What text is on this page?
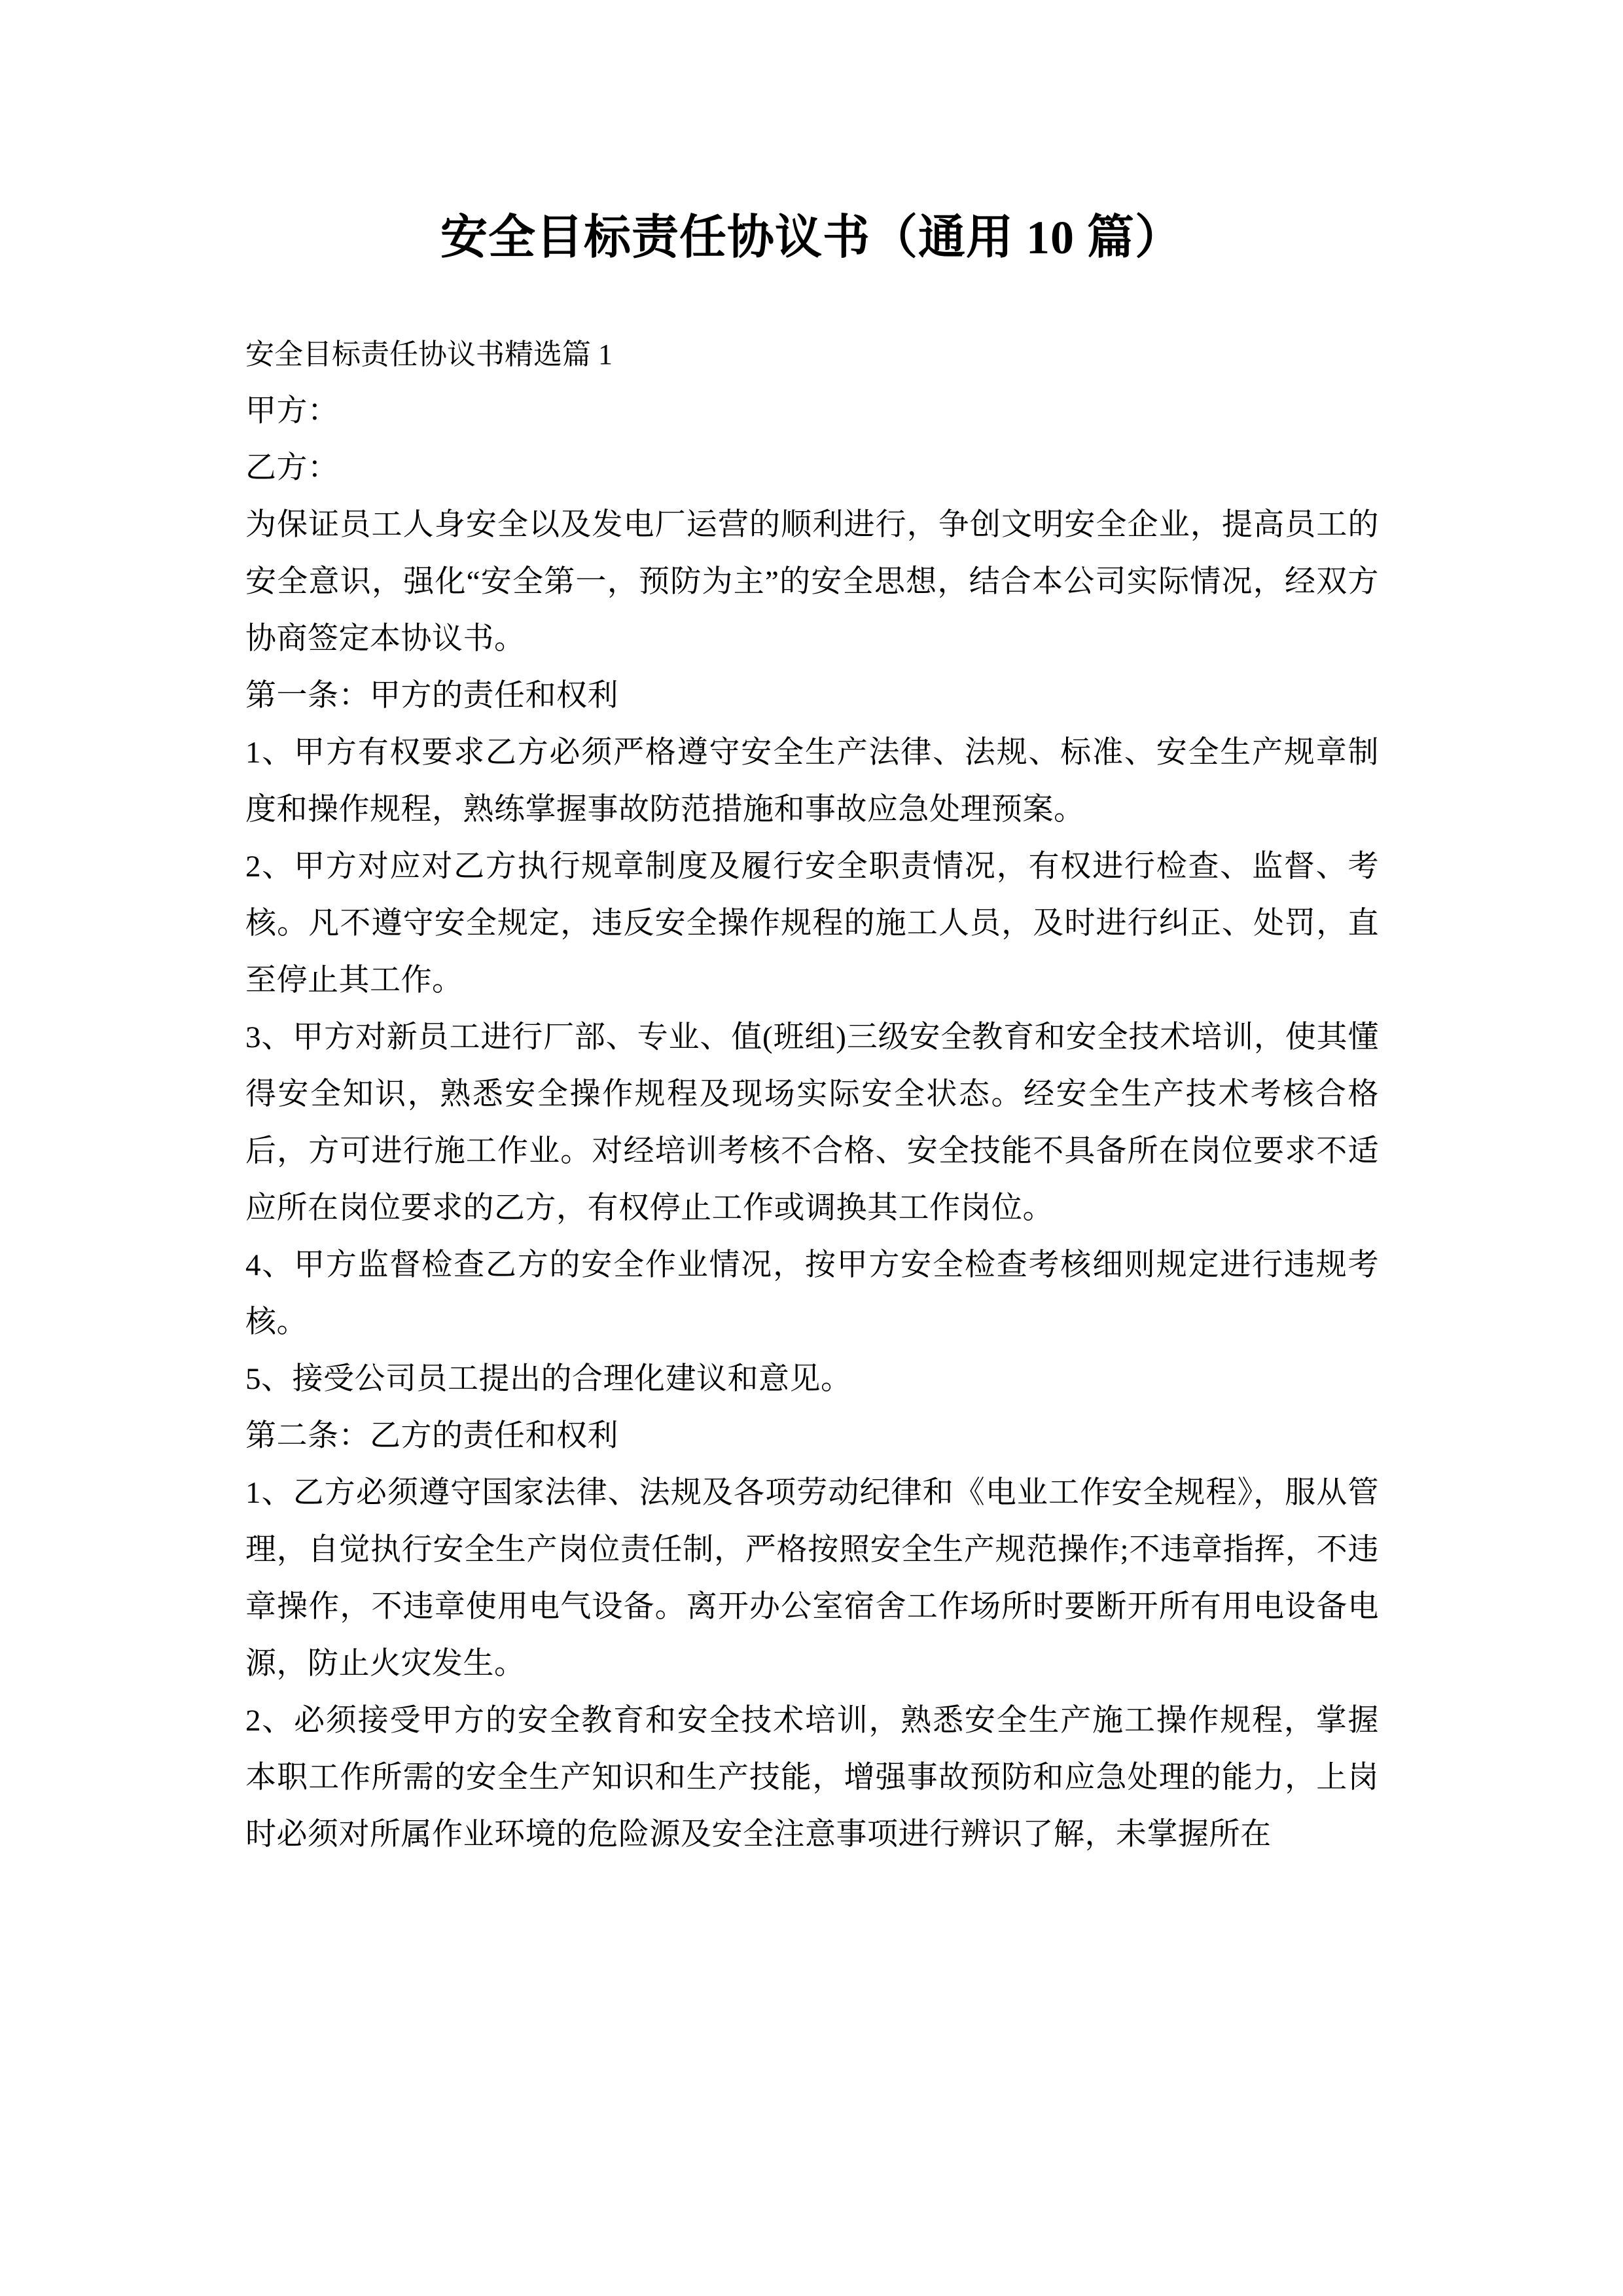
安全目标责任协议书（通用 10 篇）

安全目标责任协议书精选篇 1

甲方：

乙方：

为保证员工人身安全以及发电厂运营的顺利进行，争创文明安全企业，提高员工的安全意识，强化“安全第一，预防为主”的安全思想，结合本公司实际情况，经双方协商签定本协议书。

第一条：甲方的责任和权利

1、甲方有权要求乙方必须严格遵守安全生产法律、法规、标准、安全生产规章制度和操作规程，熟练掌握事故防范措施和事故应急处理预案。

2、甲方对应对乙方执行规章制度及履行安全职责情况，有权进行检查、监督、考核。凡不遵守安全规定，违反安全操作规程的施工人员，及时进行纠正、处罚，直至停止其工作。

3、甲方对新员工进行厂部、专业、值(班组)三级安全教育和安全技术培训，使其懂得安全知识，熟悉安全操作规程及现场实际安全状态。经安全生产技术考核合格后，方可进行施工作业。对经培训考核不合格、安全技能不具备所在岗位要求不适应所在岗位要求的乙方，有权停止工作或调换其工作岗位。

4、甲方监督检查乙方的安全作业情况，按甲方安全检查考核细则规定进行违规考核。

5、接受公司员工提出的合理化建议和意见。

第二条：乙方的责任和权利

1、乙方必须遵守国家法律、法规及各项劳动纪律和《电业工作安全规程》，服从管理，自觉执行安全生产岗位责任制，严格按照安全生产规范操作;不违章指挥，不违章操作，不违章使用电气设备。离开办公室宿舍工作场所时要断开所有用电设备电源，防止火灾发生。

2、必须接受甲方的安全教育和安全技术培训，熟悉安全生产施工操作规程，掌握本职工作所需的安全生产知识和生产技能，增强事故预防和应急处理的能力，上岗时必须对所属作业环境的危险源及安全注意事项进行辨识了解，未掌握所在
